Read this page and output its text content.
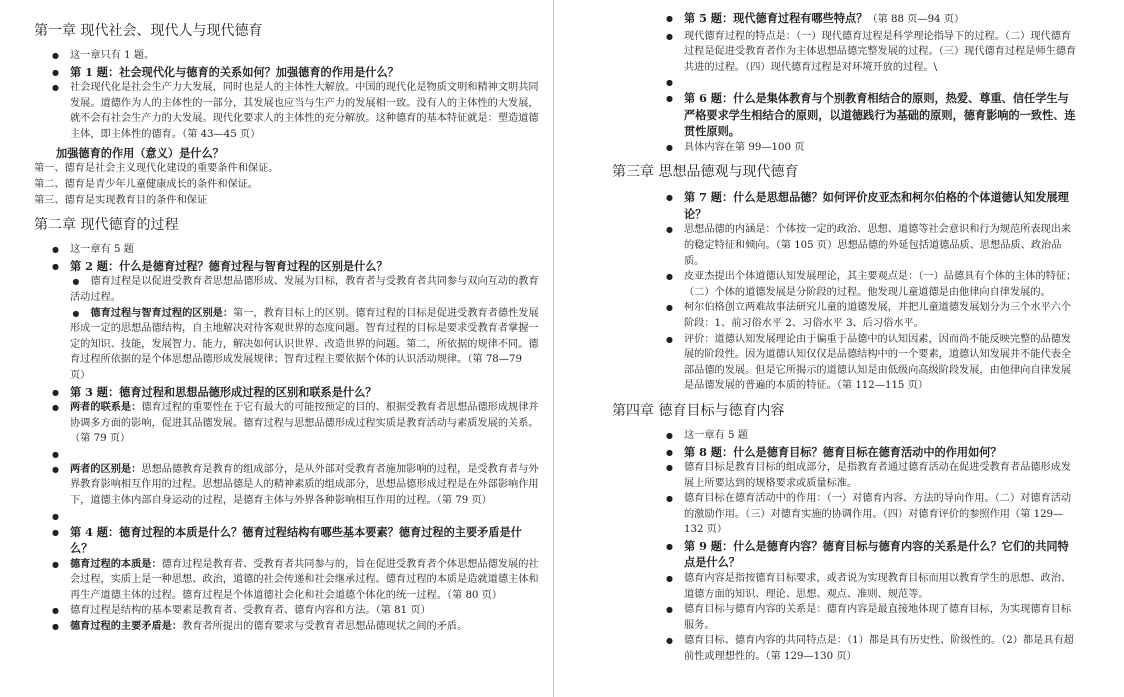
第一章 现代社会、现代人与现代德育
● 这一章只有 1 题。
● 第 1 题：社会现代化与德育的关系如何？加强德育的作用是什么？
● 社会现代化是社会生产力大发展，同时也是人的主体性大解放。中国的现代化是物质文明和精神文明共同发展。道德作为人的主体性的一部分，其发展也应当与生产力的发展相一致。没有人的主体性的大发展，就不会有社会生产力的大发展。现代化要求人的主体性的充分解放。这种德育的基本特征就是：塑造道德主体，即主体性的德育。（第 43—45 页）
加强德育的作用（意义）是什么？
第一、德育是社会主义现代化建设的重要条件和保证。
第二、德育是青少年儿童健康成长的条件和保证。
第三、德育是实现教育目的条件和保证
第二章 现代德育的过程
● 这一章有 5 题
● 第 2 题：什么是德育过程？德育过程与智育过程的区别是什么？
● 德育过程是以促进受教育者思想品德形成、发展为目标，教育者与受教育者共同参与双向互动的教育活动过程。
● 德育过程与智育过程的区别是：第一，教育目标上的区别。德育过程的目标是促进受教育者德性发展形成一定的思想品德结构，自主地解决对待客观世界的态度问题。智育过程的目标是要求受教育者掌握一定的知识、技能，发展智力、能力，解决如何认识世界、改造世界的问题。第二，所依据的规律不同。德育过程所依据的是个体思想品德形成发展规律；智育过程主要依据个体的认识活动规律。（第 78—79 页）
● 第 3 题：德育过程和思想品德形成过程的区别和联系是什么？
● 两者的联系是：德育过程的重要性在于它有最大的可能按预定的目的、根据受教育者思想品德形成规律并协调多方面的影响，促进其品德发展。德育过程与思想品德形成过程实质是教育活动与素质发展的关系。（第 79 页）
●
● 两者的区别是：思想品德教育是教育的组成部分，是从外部对受教育者施加影响的过程，是受教育者与外界教育影响相互作用的过程。思想品德是人的精神素质的组成部分，思想品德形成过程是在外部影响作用下，道德主体内部自身运动的过程，是德育主体与外界各种影响相互作用的过程。（第 79 页）
●
● 第 4 题：德育过程的本质是什么？德育过程结构有哪些基本要素？德育过程的主要矛盾是什么？
● 德育过程的本质是：德育过程是教育者、受教育者共同参与的，旨在促进受教育者个体思想品德发展的社会过程，实质上是一种思想、政治，道德的社会传递和社会继承过程。德育过程的本质是造就道德主体和再生产道德主体的过程。德育过程是个体道德社会化和社会道德个体化的统一过程。（第 80 页）
● 德育过程是结构的基本要素是教育者、受教育者、德育内容和方法。（第 81 页）
● 德育过程的主要矛盾是：教育者所提出的德育要求与受教育者思想品德现状之间的矛盾。
● 第 5 题：现代德育过程有哪些特点？（第 88 页—94 页）
● 现代德育过程的特点是：（一）现代德育过程是科学理论指导下的过程。（二）现代德育过程是促进受教育者作为主体思想品德完整发展的过程。（三）现代德育过程是师生德育共进的过程。（四）现代德育过程是对环境开放的过程。\
●
● 第 6 题：什么是集体教育与个别教育相结合的原则，热爱、尊重、信任学生与严格要求学生相结合的原则，以道德践行为基础的原则，德育影响的一致性、连贯性原则。
● 具体内容在第 99—100 页
第三章 思想品德观与现代德育
● 第 7 题：什么是思想品德？如何评价皮亚杰和柯尔伯格的个体道德认知发展理论？
● 思想品德的内涵是：个体按一定的政治、思想、道德等社会意识和行为规范所表现出来的稳定特征和倾向。（第 105 页）思想品德的外延包括道德品质、思想品质、政治品质。
● 皮亚杰提出个体道德认知发展理论，其主要观点是：（一）品德具有个体的主体的特征；（二）个体的道德发展是分阶段的过程。他发现儿童道德是由他律向自律发展的。
● 柯尔伯格创立两难故事法研究儿童的道德发展，并把儿童道德发展划分为三个水平六个阶段：1、前习俗水平 2、习俗水平 3、后习俗水平。
● 评价：道德认知发展理论由于偏重于品德中的认知因素，因而尚不能反映完整的品德发展的阶段性。因为道德认知仅仅是品德结构中的一个要素，道德认知发展并不能代表全部品德的发展。但是它所揭示的道德认知是由低级向高级阶段发展，由他律向自律发展是品德发展的普遍的本质的特征。（第 112—115 页）
第四章 德育目标与德育内容
● 这一章有 5 题
● 第 8 题：什么是德育目标？德育目标在德育活动中的作用如何？
● 德育目标是教育目标的组成部分，是指教育者通过德育活动在促进受教育者品德形成发展上所要达到的规格要求或质量标准。
● 德育目标在德育活动中的作用：（一）对德育内容、方法的导向作用。（二）对德育活动的激励作用。（三）对德育实施的协调作用。（四）对德育评价的参照作用（第 129—132 页）
● 第 9 题：什么是德育内容？德育目标与德育内容的关系是什么？它们的共同特点是什么？
● 德育内容是指按德育目标要求，或者说为实现教育目标而用以教育学生的思想、政治、道德方面的知识、理论、思想、观点、准则、规范等。
● 德育目标与德育内容的关系是：德育内容是最直接地体现了德育目标，为实现德育目标服务。
● 德育目标、德育内容的共同特点是：（1）都是具有历史性、阶级性的。（2）都是具有超前性或理想性的。（第 129—130 页）
